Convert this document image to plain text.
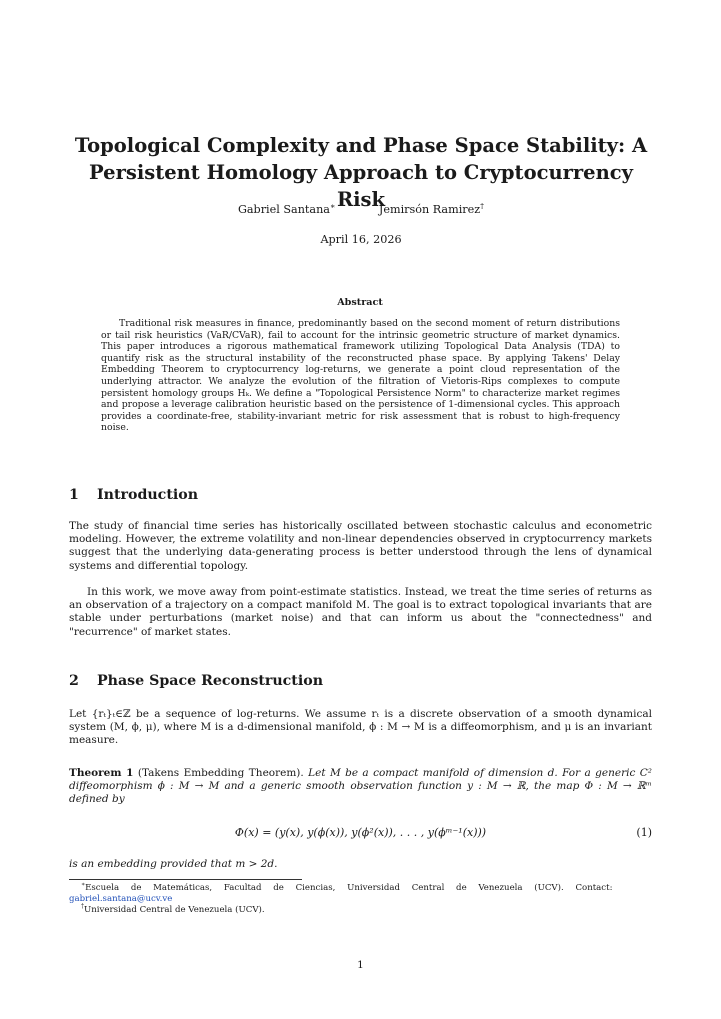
Topological Complexity and Phase Space Stability: A
Persistent Homology Approach to Cryptocurrency Risk
Gabriel Santana∗	Jemirsón Ramirez†
April 16, 2026
Abstract

Traditional risk measures in finance, predominantly based on the second moment of return distributions or tail risk heuristics (VaR/CVaR), fail to account for the intrinsic geometric structure of market dynamics. This paper introduces a rigorous mathematical framework utilizing Topological Data Analysis (TDA) to quantify risk as the structural instability of the reconstructed phase space. By applying Takens' Delay Embedding Theorem to cryptocurrency log-returns, we generate a point cloud representation of the underlying attractor. We analyze the evolution of the filtration of Vietoris-Rips complexes to compute persistent homology groups Hₖ. We define a "Topological Persistence Norm" to characterize market regimes and propose a leverage calibration heuristic based on the persistence of 1-dimensional cycles. This approach provides a coordinate-free, stability-invariant metric for risk assessment that is robust to high-frequency noise.

1 Introduction

The study of financial time series has historically oscillated between stochastic calculus and econometric modeling. However, the extreme volatility and non-linear dependencies observed in cryptocurrency markets suggest that the underlying data-generating process is better understood through the lens of dynamical systems and differential topology.

In this work, we move away from point-estimate statistics. Instead, we treat the time series of returns as an observation of a trajectory on a compact manifold M. The goal is to extract topological invariants that are stable under perturbations (market noise) and that can inform us about the "connectedness" and "recurrence" of market states.

2 Phase Space Reconstruction

Let {rₜ}ₜ∈ℤ be a sequence of log-returns. We assume rₜ is a discrete observation of a smooth dynamical system (M, ϕ, μ), where M is a d-dimensional manifold, ϕ : M → M is a diffeomorphism, and μ is an invariant measure.

Theorem 1 (Takens Embedding Theorem). Let M be a compact manifold of dimension d. For a generic C² diffeomorphism ϕ : M → M and a generic smooth observation function y : M → ℝ, the map Φ : M → ℝᵐ defined by

Φ(x) = (y(x), y(ϕ(x)), y(ϕ²(x)), . . . , y(ϕᵐ⁻¹(x)))	(1)
is an embedding provided that m > 2d.

∗Escuela de Matemáticas, Facultad de Ciencias, Universidad Central de Venezuela (UCV). Contact:

gabriel.santana@ucv.ve

†Universidad Central de Venezuela (UCV).

1
